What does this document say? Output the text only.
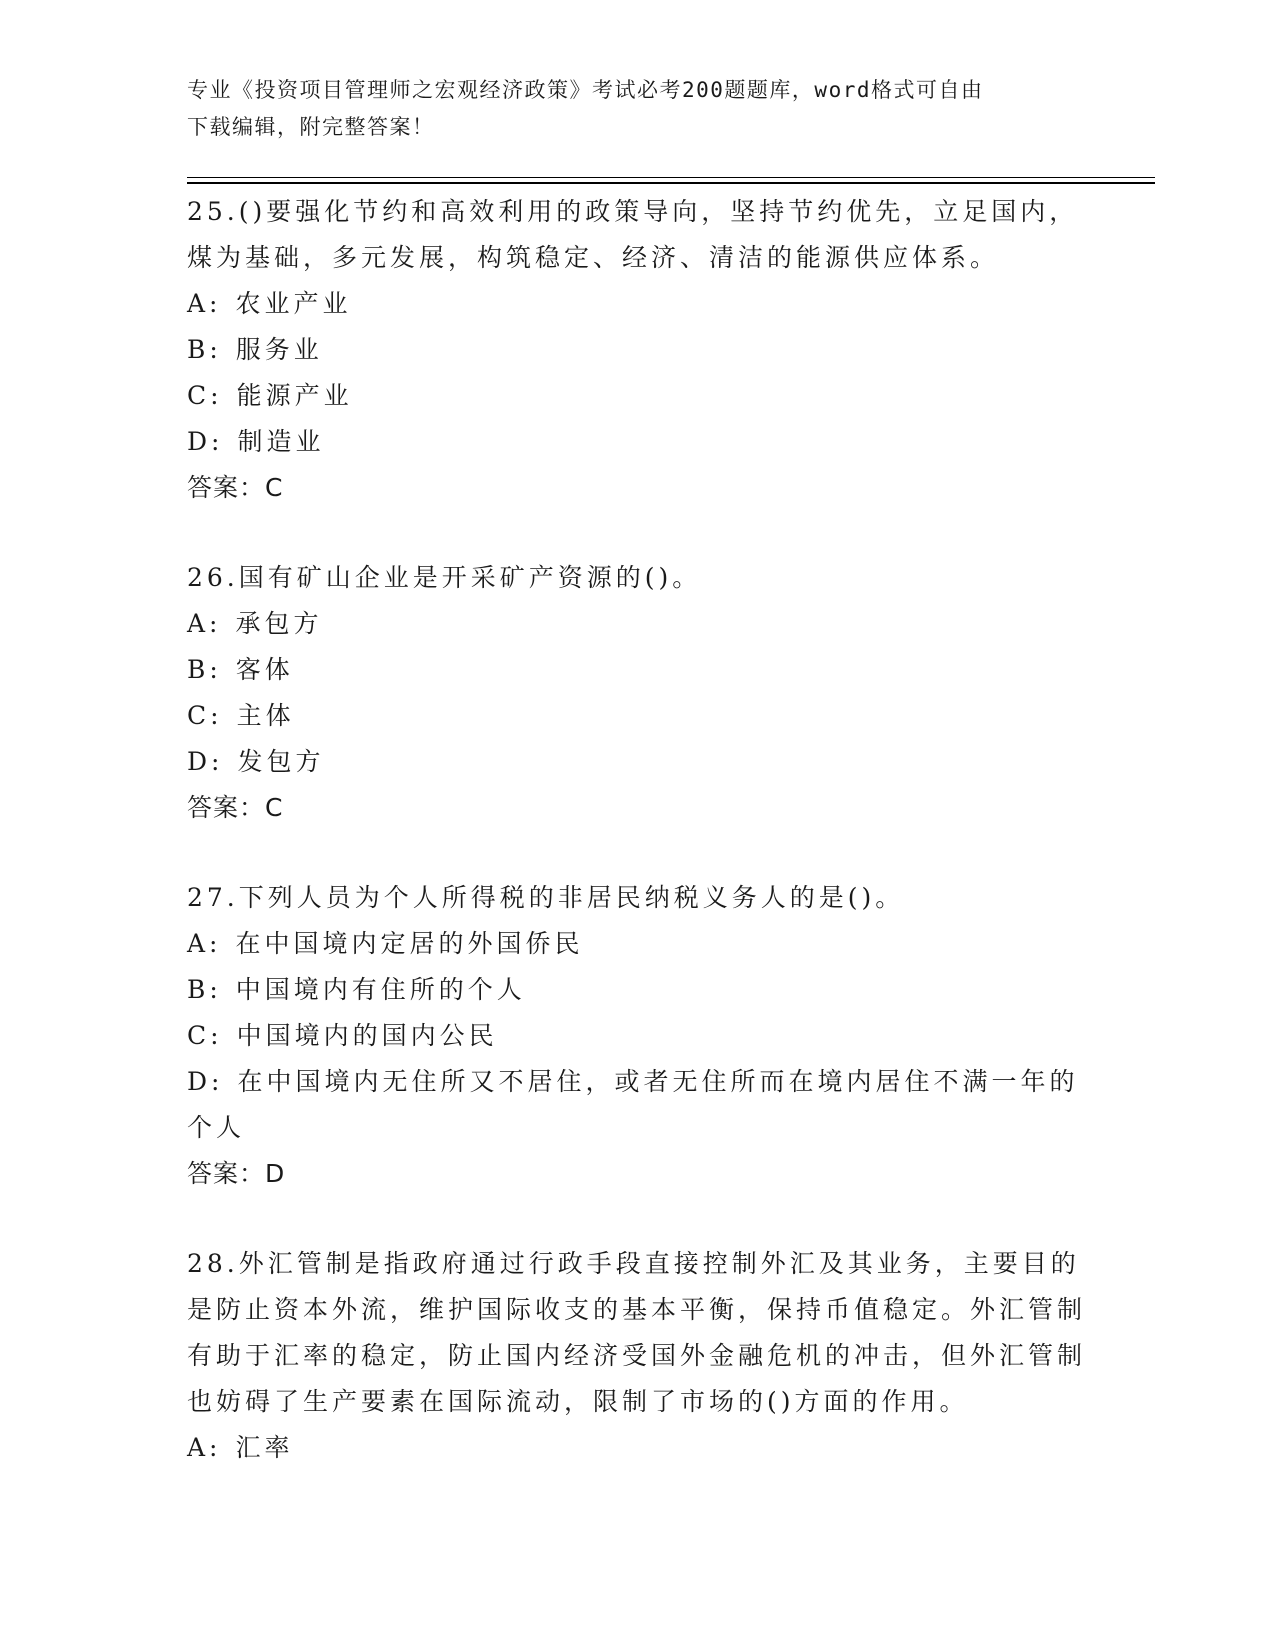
专业《投资项目管理师之宏观经济政策》考试必考200题题库，word格式可自由
下载编辑，附完整答案！
25.()要强化节约和高效利用的政策导向，坚持节约优先，立足国内，煤为基础，多元发展，构筑稳定、经济、清洁的能源供应体系。
A: 农业产业
B: 服务业
C: 能源产业
D: 制造业
答案：C
26.国有矿山企业是开采矿产资源的()。
A: 承包方
B: 客体
C: 主体
D: 发包方
答案：C
27.下列人员为个人所得税的非居民纳税义务人的是()。
A: 在中国境内定居的外国侨民
B: 中国境内有住所的个人
C: 中国境内的国内公民
D: 在中国境内无住所又不居住，或者无住所而在境内居住不满一年的个人
答案：D
28.外汇管制是指政府通过行政手段直接控制外汇及其业务，主要目的是防止资本外流，维护国际收支的基本平衡，保持币值稳定。外汇管制有助于汇率的稳定，防止国内经济受国外金融危机的冲击，但外汇管制也妨碍了生产要素在国际流动，限制了市场的()方面的作用。
A: 汇率
